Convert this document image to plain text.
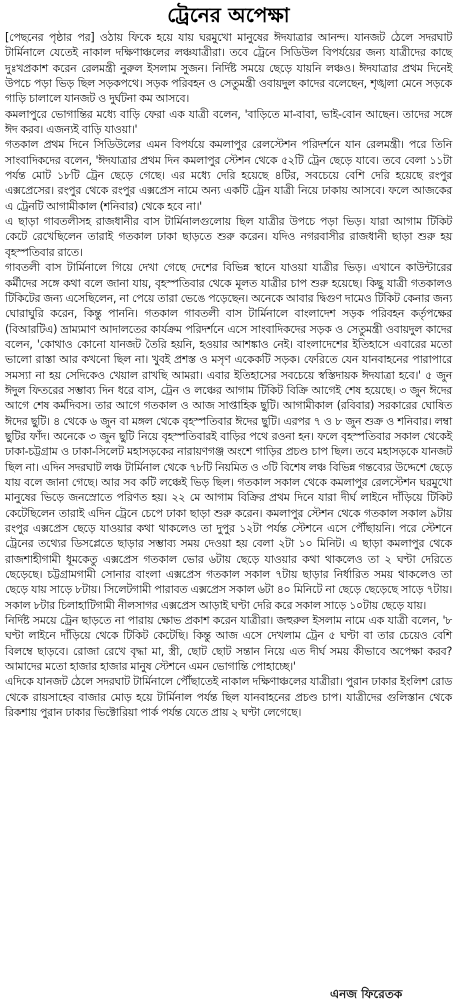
ট্রেনের অপেক্ষা

[পেছনের পৃষ্ঠার পর] ওঠায় ফিকে হয়ে যায় ঘরমুখো মানুষের ঈদযাত্রার আনন্দ। যানজট ঠেলে সদরঘাট টার্মিনালে যেতেই নাকাল দক্ষিণাঞ্চলের লঞ্চযাত্রীরা। তবে ট্রেনে সিডিউল বিপর্যয়ের জন্য যাত্রীদের কাছে দুঃখপ্রকাশ করেন রেলমন্ত্রী নুরুল ইসলাম সুজন। নির্দিষ্ট সময়ে ছেড়ে যায়নি লঞ্চও। ঈদযাত্রার প্রথম দিনেই উপচে পড়া ভিড় ছিল সড়কপথে। সড়ক পরিবহন ও সেতুমন্ত্রী ওবায়দুল কাদের বলেছেন, শৃঙ্খলা মেনে সড়কে গাড়ি চালালে যানজট ও দুর্ঘটনা কম আসবে।

কমলাপুরে ভোগান্তির মধ্যে বাড়ি ফেরা এক যাত্রী বলেন, 'বাড়িতে মা-বাবা, ভাই-বোন আছেন। তাদের সঙ্গে ঈদ করব। এজন্যই বাড়ি যাওয়া।'

গতকাল প্রথম দিনে সিডিউলের এমন বিপর্যয়ে কমলাপুর রেলস্টেশন পরিদর্শনে যান রেলমন্ত্রী। পরে তিনি সাংবাদিকদের বলেন, 'ঈদযাত্রার প্রথম দিন কমলাপুর স্টেশন থেকে ৫২টি ট্রেন ছেড়ে যাবে। তবে বেলা ১১টা পর্যন্ত মোট ১৮টি ট্রেন ছেড়ে গেছে। এর মধ্যে দেরি হয়েছে ৪টির, সবচেয়ে বেশি দেরি হয়েছে রংপুর এক্সপ্রেসের। রংপুর থেকে রংপুর এক্সপ্রেস নামে অন্য একটি ট্রেন যাত্রী নিয়ে ঢাকায় আসবে। ফলে আজকের এ ট্রেনটি আগামীকাল (শনিবার) থেকে হবে না।'

এ ছাড়া গাবতলীসহ রাজধানীর বাস টার্মিনালগুলোয় ছিল যাত্রীর উপচে পড়া ভিড়। যারা আগাম টিকিট কেটে রেখেছিলেন তারাই গতকাল ঢাকা ছাড়তে শুরু করেন। যদিও নগরবাসীর রাজধানী ছাড়া শুরু হয় বৃহস্পতিবার রাতে।

গাবতলী বাস টার্মিনালে গিয়ে দেখা গেছে দেশের বিভিন্ন স্থানে যাওয়া যাত্রীর ভিড়। এখানে কাউন্টারের কর্মীদের সঙ্গে কথা বলে জানা যায়, বৃহস্পতিবার থেকে মূলত যাত্রীর চাপ শুরু হয়েছে। কিছু যাত্রী গতকালও টিকিটের জন্য এসেছিলেন, না পেয়ে তারা ভেঙে পড়েছেন। অনেকে আবার দ্বিগুণ দামেও টিকিট কেনার জন্য ঘোরাঘুরি করেন, কিন্তু পাননি। গতকাল গাবতলী বাস টার্মিনালে বাংলাদেশ সড়ক পরিবহন কর্তৃপক্ষের (বিআরটিএ) ভ্রাম্যমাণ আদালতের কার্যক্রম পরিদর্শনে এসে সাংবাদিকদের সড়ক ও সেতুমন্ত্রী ওবায়দুল কাদের বলেন, 'কোথাও কোনো যানজট তৈরি হয়নি, হওয়ার আশঙ্কাও নেই। বাংলাদেশের ইতিহাসে এবারের মতো ভালো রাস্তা আর কখনো ছিল না। খুবই প্রশস্ত ও মসৃণ একেকটি সড়ক। ফেরিতে যেন যানবাহনের পারাপারে সমস্যা না হয় সেদিকেও খেয়াল রাখছি আমরা। এবার ইতিহাসের সবচেয়ে স্বস্তিদায়ক ঈদযাত্রা হবে।' ৫ জুন ঈদুল ফিতরের সম্ভাব্য দিন ধরে বাস, ট্রেন ও লঞ্চের আগাম টিকিট বিক্রি আগেই শেষ হয়েছে। ৩ জুন ঈদের আগে শেষ কর্মদিবস। তার আগে গতকাল ও আজ সাপ্তাহিক ছুটি। আগামীকাল (রবিবার) সরকারের ঘোষিত ঈদের ছুটি। ৪ থেকে ৬ জুন বা মঙ্গল থেকে বৃহস্পতিবার ঈদের ছুটি। এরপর ৭ ও ৮ জুন শুক্র ও শনিবার। লম্বা ছুটির ফাঁদ। অনেকে ৩ জুন ছুটি নিয়ে বৃহস্পতিবারই বাড়ির পথে রওনা হন। ফলে বৃহস্পতিবার সকাল থেকেই ঢাকা-চট্টগ্রাম ও ঢাকা-সিলেট মহাসড়কের নারায়ণগঞ্জ অংশে গাড়ির প্রচণ্ড চাপ ছিল। তবে মহাসড়কে যানজট ছিল না। এদিন সদরঘাট লঞ্চ টার্মিনাল থেকে ৭৮টি নিয়মিত ও ৩টি বিশেষ লঞ্চ বিভিন্ন গন্তব্যের উদ্দেশে ছেড়ে যায় বলে জানা গেছে। আর সব কটি লঞ্চেই ভিড় ছিল। গতকাল সকাল থেকে কমলাপুর রেলস্টেশন ঘরমুখো মানুষের ভিড়ে জনস্রোতে পরিণত হয়। ২২ মে আগাম বিক্রির প্রথম দিনে যারা দীর্ঘ লাইনে দাঁড়িয়ে টিকিট কেটেছিলেন তারাই এদিন ট্রেনে চেপে ঢাকা ছাড়া শুরু করেন। কমলাপুর স্টেশন থেকে গতকাল সকাল ৯টায় রংপুর এক্সপ্রেস ছেড়ে যাওয়ার কথা থাকলেও তা দুপুর ১২টা পর্যন্ত স্টেশনে এসে পৌঁছায়নি। পরে স্টেশনে ট্রেনের তথ্যের ডিসপ্লেতে ছাড়ার সম্ভাব্য সময় দেওয়া হয় বেলা ২টা ১০ মিনিট। এ ছাড়া কমলাপুর থেকে রাজশাহীগামী ধূমকেতু এক্সপ্রেস গতকাল ভোর ৬টায় ছেড়ে যাওয়ার কথা থাকলেও তা ২ ঘণ্টা দেরিতে ছেড়েছে। চট্টগ্রামগামী সোনার বাংলা এক্সপ্রেস গতকাল সকাল ৭টায় ছাড়ার নির্ধারিত সময় থাকলেও তা ছেড়ে যায় সাড়ে ৮টায়। সিলেটগামী পারাবত এক্সপ্রেস সকাল ৬টা ৪০ মিনিটে না ছেড়ে ছেড়েছে সাড়ে ৭টায়। সকাল ৮টার চিলাহাটিগামী নীলসাগর এক্সপ্রেস আড়াই ঘণ্টা দেরি করে সকাল সাড়ে ১০টায় ছেড়ে যায়।

নির্দিষ্ট সময়ে ট্রেন ছাড়তে না পারায় ক্ষোভ প্রকাশ করেন যাত্রীরা। জহুরুল ইসলাম নামে এক যাত্রী বলেন, '৮ ঘণ্টা লাইনে দাঁড়িয়ে থেকে টিকিট কেটেছি। কিন্তু আজ এসে দেখলাম ট্রেন ৫ ঘণ্টা বা তার চেয়েও বেশি বিলম্বে ছাড়বে। রোজা রেখে বৃদ্ধা মা, স্ত্রী, ছোট ছোট সন্তান নিয়ে এত দীর্ঘ সময় কীভাবে অপেক্ষা করব? আমাদের মতো হাজার হাজার মানুষ স্টেশনে এমন ভোগান্তি পোহাচ্ছে।'

এদিকে যানজট ঠেলে সদরঘাট টার্মিনালে পৌঁছাতেই নাকাল দক্ষিণাঞ্চলের যাত্রীরা। পুরান ঢাকার ইংলিশ রোড থেকে রায়সাহেব বাজার মোড় হয়ে টার্মিনাল পর্যন্ত ছিল যানবাহনের প্রচণ্ড চাপ। যাত্রীদের গুলিস্তান থেকে রিকশায় পুরান ঢাকার ভিক্টোরিয়া পার্ক পর্যন্ত যেতে প্রায় ২ ঘণ্টা লেগেছে।

এনজ ফিরেতক
